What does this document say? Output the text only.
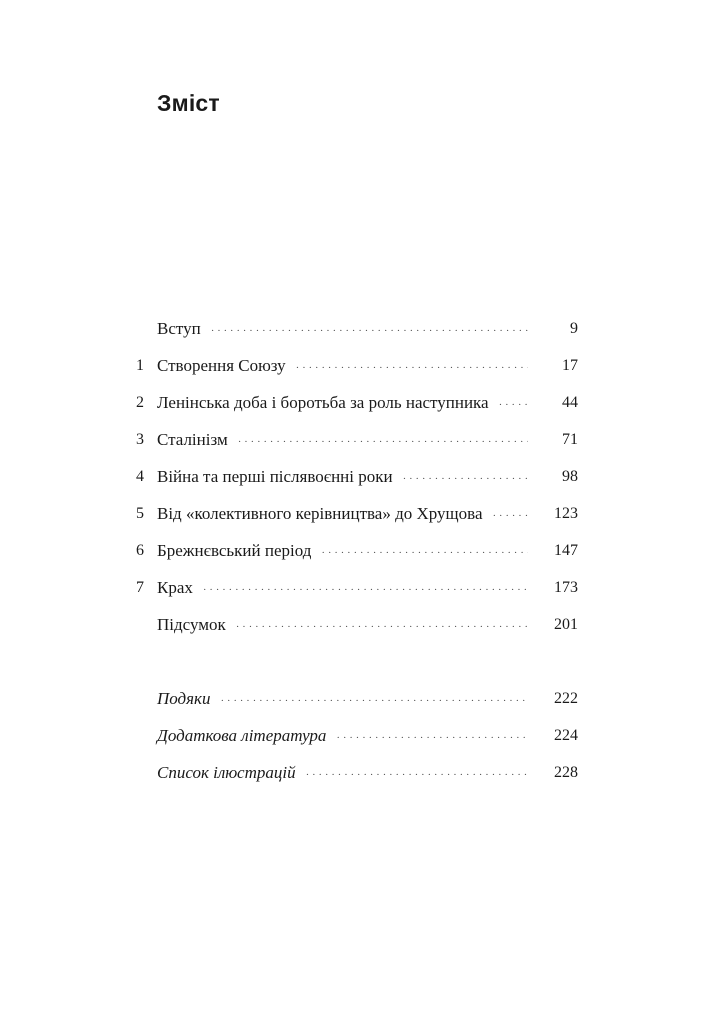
Зміст
Вступ · · ·	9
1 Створення Союзу · · ·	17
2 Ленінська доба і боротьба за роль наступника · · ·	44
3 Сталінізм · · ·	71
4 Війна та перші післявоєнні роки · · ·	98
5 Від «колективного керівництва» до Хрущова · · ·	123
6 Брежнєвський період · · ·	147
7 Крах · · ·	173
Підсумок · · ·	201
Подяки · · ·	222
Додаткова література · · ·	224
Список ілюстрацій · · ·	228
